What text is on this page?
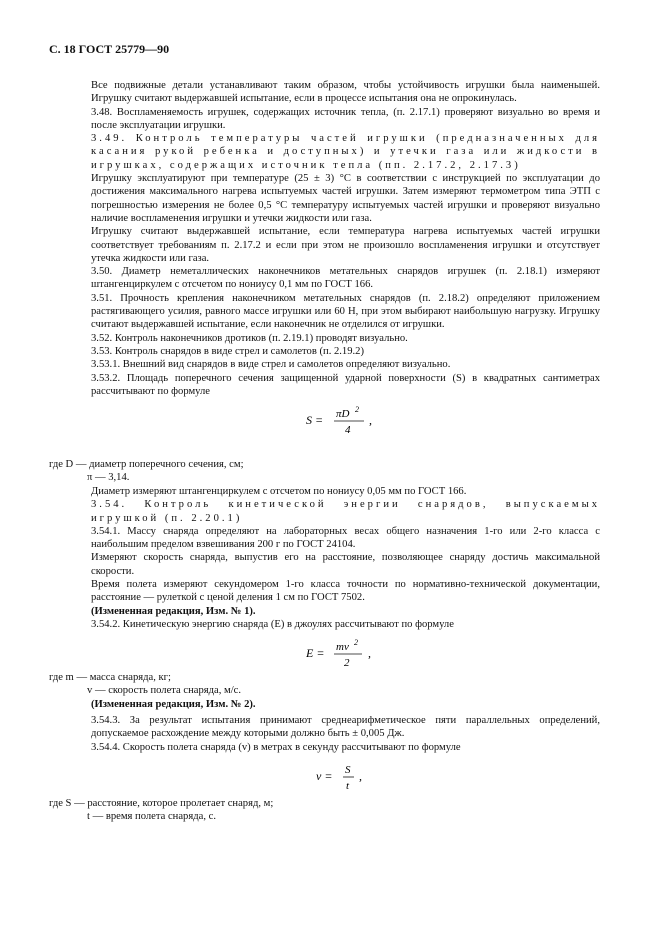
С. 18 ГОСТ 25779—90

Все подвижные детали устанавливают таким образом, чтобы устойчивость игрушки была наименьшей. Игрушку считают выдержавшей испытание, если в процессе испытания она не опрокинулась.

3.48. Воспламеняемость игрушек, содержащих источник тепла, (п. 2.17.1) проверяют визуально во время и после эксплуатации игрушки.

3.49. Контроль температуры частей игрушки (предназначенных для касания рукой ребенка и доступных) и утечки газа или жидкости в игрушках, содержащих источник тепла (пп. 2.17.2, 2.17.3)

Игрушку эксплуатируют при температуре (25 ± 3) °С в соответствии с инструкцией по эксплуатации до достижения максимального нагрева испытуемых частей игрушки. Затем измеряют термометром типа ЭТП с погрешностью измерения не более 0,5 °С температуру испытуемых частей игрушки и проверяют визуально наличие воспламенения игрушки и утечки жидкости или газа.

Игрушку считают выдержавшей испытание, если температура нагрева испытуемых частей игрушки соответствует требованиям п. 2.17.2 и если при этом не произошло воспламенения игрушки и отсутствует утечка жидкости или газа.

3.50. Диаметр неметаллических наконечников метательных снарядов игрушек (п. 2.18.1) измеряют штангенциркулем с отсчетом по нониусу 0,1 мм по ГОСТ 166.

3.51. Прочность крепления наконечником метательных снарядов (п. 2.18.2) определяют приложением растягивающего усилия, равного массе игрушки или 60 Н, при этом выбирают наибольшую нагрузку. Игрушку считают выдержавшей испытание, если наконечник не отделился от игрушки.

3.52. Контроль наконечников дротиков (п. 2.19.1) проводят визуально.

3.53. Контроль снарядов в виде стрел и самолетов (п. 2.19.2)

3.53.1. Внешний вид снарядов в виде стрел и самолетов определяют визуально.

3.53.2. Площадь поперечного сечения защищенной ударной поверхности (S) в квадратных сантиметрах рассчитывают по формуле

S = πD 2
4
,

где D — диаметр поперечного сечения, см;

π — 3,14.

Диаметр измеряют штангенциркулем с отсчетом по нониусу 0,05 мм по ГОСТ 166.

3.54. Контроль кинетической энергии снарядов, выпускаемых игрушкой (п. 2.20.1)

3.54.1. Массу снаряда определяют на лабораторных весах общего назначения 1-го или 2-го класса с наибольшим пределом взвешивания 200 г по ГОСТ 24104.

Измеряют скорость снаряда, выпустив его на расстояние, позволяющее снаряду достичь максимальной скорости.

Время полета измеряют секундомером 1-го класса точности по нормативно-технической документации, расстояние — рулеткой с ценой деления 1 см по ГОСТ 7502.

(Измененная редакция, Изм. № 1).

3.54.2. Кинетическую энергию снаряда (E) в джоулях рассчитывают по формуле

E = mv 2
2
,

где m — масса снаряда, кг;

v — скорость полета снаряда, м/с.

(Измененная редакция, Изм. № 2).

3.54.3. За результат испытания принимают среднеарифметическое пяти параллельных определений, допускаемое расхождение между которыми должно быть ± 0,005 Дж.

3.54.4. Скорость полета снаряда (v) в метрах в секунду рассчитывают по формуле

v = S
t
,

где S — расстояние, которое пролетает снаряд, м;

t — время полета снаряда, с.
